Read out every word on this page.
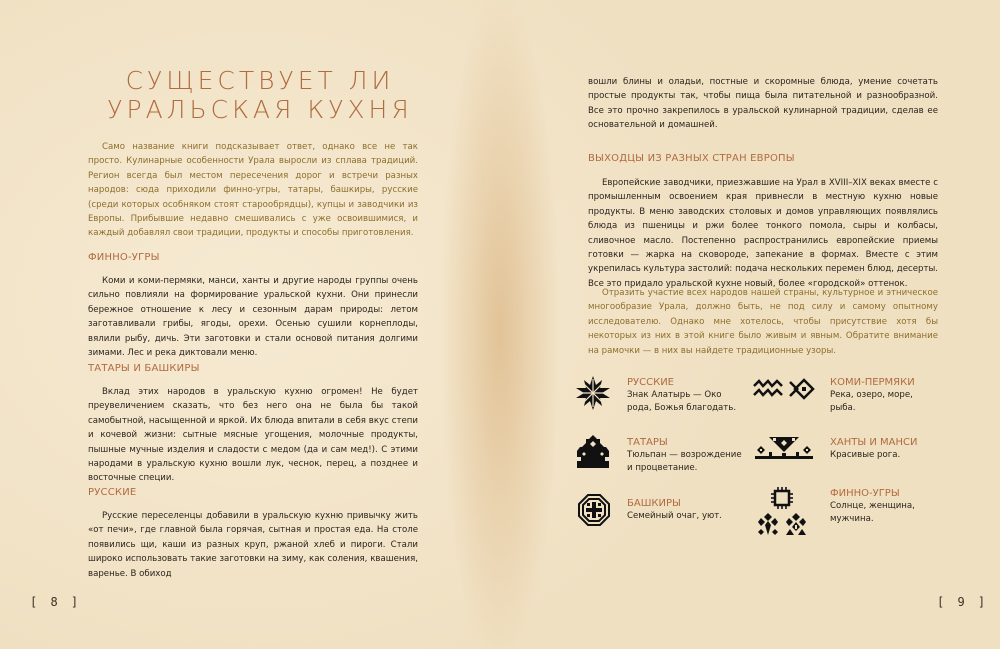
СУЩЕСТВУЕТ ЛИ
УРАЛЬСКАЯ КУХНЯ

Само название книги подсказывает ответ, однако все не так просто. Кулинарные особенности Урала выросли из сплава традиций. Регион всегда был местом пересечения дорог и встречи разных народов: сюда приходили финно-угры, татары, башкиры, русские (среди которых особняком стоят старообрядцы), купцы и заводчики из Европы. Прибывшие недавно смешивались с уже освоившимися, и каждый добавлял свои традиции, продукты и способы приготовления.

ФИННО-УГРЫ

Коми и коми-пермяки, манси, ханты и другие народы группы очень сильно повлияли на формирование уральской кухни. Они принесли бережное отношение к лесу и сезонным дарам природы: летом заготавливали грибы, ягоды, орехи. Осенью сушили корнеплоды, вялили рыбу, дичь. Эти заготовки и стали основой питания долгими зимами. Лес и река диктовали меню.

ТАТАРЫ И БАШКИРЫ

Вклад этих народов в уральскую кухню огромен! Не будет преувеличением сказать, что без него она не была бы такой самобытной, насыщенной и яркой. Их блюда впитали в себя вкус степи и кочевой жизни: сытные мясные угощения, молочные продукты, пышные мучные изделия и сладости с медом (да и сам мед!). С этими народами в уральскую кухню вошли лук, чеснок, перец, а позднее и восточные специи.

РУССКИЕ

Русские переселенцы добавили в уральскую кухню привычку жить «от печи», где главной была горячая, сытная и простая еда. На столе появились щи, каши из разных круп, ржаной хлеб и пироги. Стали широко использовать такие заготовки на зиму, как соления, квашения, варенье. В обиход

[ 8 ]

вошли блины и оладьи, постные и скоромные блюда, умение сочетать простые продукты так, чтобы пища была питательной и разнообразной. Все это прочно закрепилось в уральской кулинарной традиции, сделав ее основательной и домашней.

ВЫХОДЦЫ ИЗ РАЗНЫХ СТРАН ЕВРОПЫ

Европейские заводчики, приезжавшие на Урал в XVIII–XIX веках вместе с промышленным освоением края привнесли в местную кухню новые продукты. В меню заводских столовых и домов управляющих появлялись блюда из пшеницы и ржи более тонкого помола, сыры и колбасы, сливочное масло. Постепенно распространились европейские приемы готовки — жарка на сковороде, запекание в формах. Вместе с этим укрепилась культура застолий: подача нескольких перемен блюд, десерты. Все это придало уральской кухне новый, более «городской» оттенок.

Отразить участие всех народов нашей страны, культурное и этническое многообразие Урала, должно быть, не под силу и самому опытному исследователю. Однако мне хотелось, чтобы присутствие хотя бы некоторых из них в этой книге было живым и явным. Обратите внимание на рамочки — в них вы найдете традиционные узоры.

РУССКИЕ
Знак Алатырь — Око рода, Божья благодать.
КОМИ-ПЕРМЯКИ
Река, озеро, море, рыба.
ТАТАРЫ
Тюльпан — возрождение и процветание.
ХАНТЫ И МАНСИ
Красивые рога.
БАШКИРЫ
Семейный очаг, уют.
ФИННО-УГРЫ
Солнце, женщина, мужчина.
[ 9 ]
